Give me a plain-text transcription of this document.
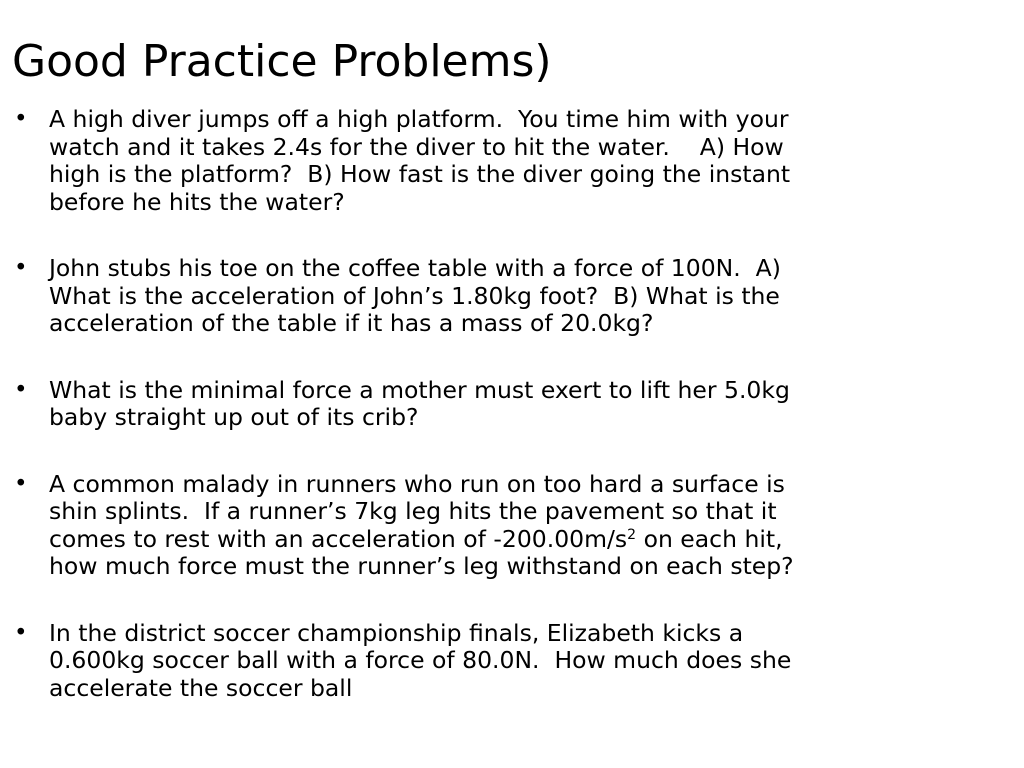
Good Practice Problems)
• A high diver jumps off a high platform.  You time him with your
watch and it takes 2.4s for the diver to hit the water.    A) How
high is the platform?  B) How fast is the diver going the instant
before he hits the water?
• John stubs his toe on the coffee table with a force of 100N.  A)
What is the acceleration of John’s 1.80kg foot?  B) What is the
acceleration of the table if it has a mass of 20.0kg?
• What is the minimal force a mother must exert to lift her 5.0kg
baby straight up out of its crib?
• A common malady in runners who run on too hard a surface is
shin splints.  If a runner’s 7kg leg hits the pavement so that it
comes to rest with an acceleration of $-200.00m/s^2$ on each hit,
how much force must the runner’s leg withstand on each step?
• In the district soccer championship finals, Elizabeth kicks a
0.600kg soccer ball with a force of 80.0N.  How much does she
accelerate the soccer ball
